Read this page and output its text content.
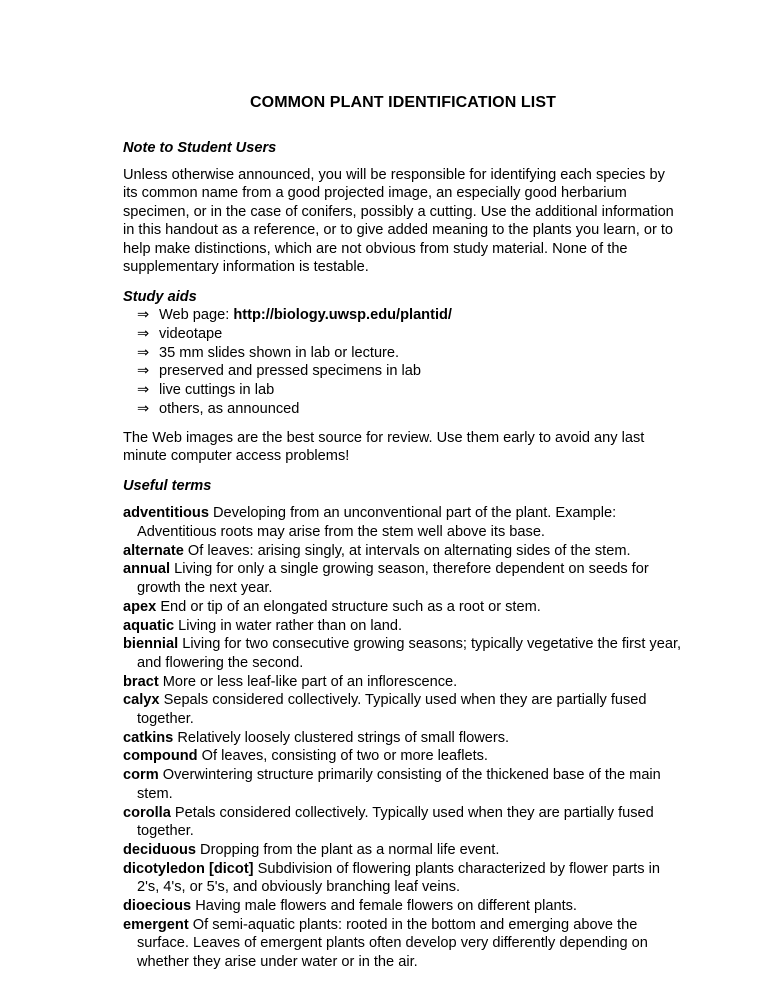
COMMON PLANT IDENTIFICATION LIST

Note to Student Users

Unless otherwise announced, you will be responsible for identifying each species by its common name from a good projected image, an especially good herbarium specimen, or in the case of conifers, possibly a cutting. Use the additional information in this handout as a reference, or to give added meaning to the plants you learn, or to help make distinctions, which are not obvious from study material. None of the supplementary information is testable.

Study aids

⇒ Web page: http://biology.uwsp.edu/plantid/
⇒ videotape
⇒ 35 mm slides shown in lab or lecture.
⇒ preserved and pressed specimens in lab
⇒ live cuttings in lab
⇒ others, as announced

The Web images are the best source for review. Use them early to avoid any last minute computer access problems!

Useful terms

adventitious Developing from an unconventional part of the plant. Example: Adventitious roots may arise from the stem well above its base.

alternate Of leaves: arising singly, at intervals on alternating sides of the stem.

annual Living for only a single growing season, therefore dependent on seeds for growth the next year.

apex End or tip of an elongated structure such as a root or stem.

aquatic Living in water rather than on land.

biennial Living for two consecutive growing seasons; typically vegetative the first year, and flowering the second.

bract More or less leaf-like part of an inflorescence.

calyx Sepals considered collectively. Typically used when they are partially fused together.

catkins Relatively loosely clustered strings of small flowers.

compound Of leaves, consisting of two or more leaflets.

corm Overwintering structure primarily consisting of the thickened base of the main stem.

corolla Petals considered collectively. Typically used when they are partially fused together.

deciduous Dropping from the plant as a normal life event.

dicotyledon [dicot] Subdivision of flowering plants characterized by flower parts in 2's, 4's, or 5's, and obviously branching leaf veins.

dioecious Having male flowers and female flowers on different plants.

emergent Of semi-aquatic plants: rooted in the bottom and emerging above the surface. Leaves of emergent plants often develop very differently depending on whether they arise under water or in the air.
